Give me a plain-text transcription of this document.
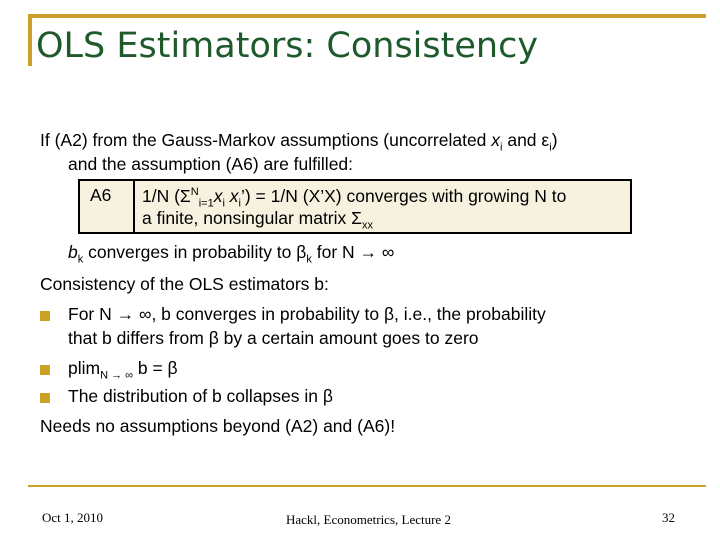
OLS Estimators: Consistency

If (A2) from the Gauss-Markov assumptions (uncorrelated $x_i$ and $\varepsilon_i$)

and the assumption (A6) are fulfilled:

A6 1/N ($\Sigma^N_{i=1}x_i$ $x_i’) = 1/N$ (X’X) converges with growing N to
a finite, nonsingular matrix $\Sigma_{xx}$
$b_k$ converges in probability to $\beta_k$ for N → ∞
Consistency of the OLS estimators b:
For N → ∞, b converges in probability to β, i.e., the probability
that b differs from β by a certain amount goes to zero
plim$_{N \to \infty}$ b = β
The distribution of b collapses in β
Needs no assumptions beyond (A2) and (A6)!
Oct 1, 2010	Hackl, Econometrics, Lecture 2	32
